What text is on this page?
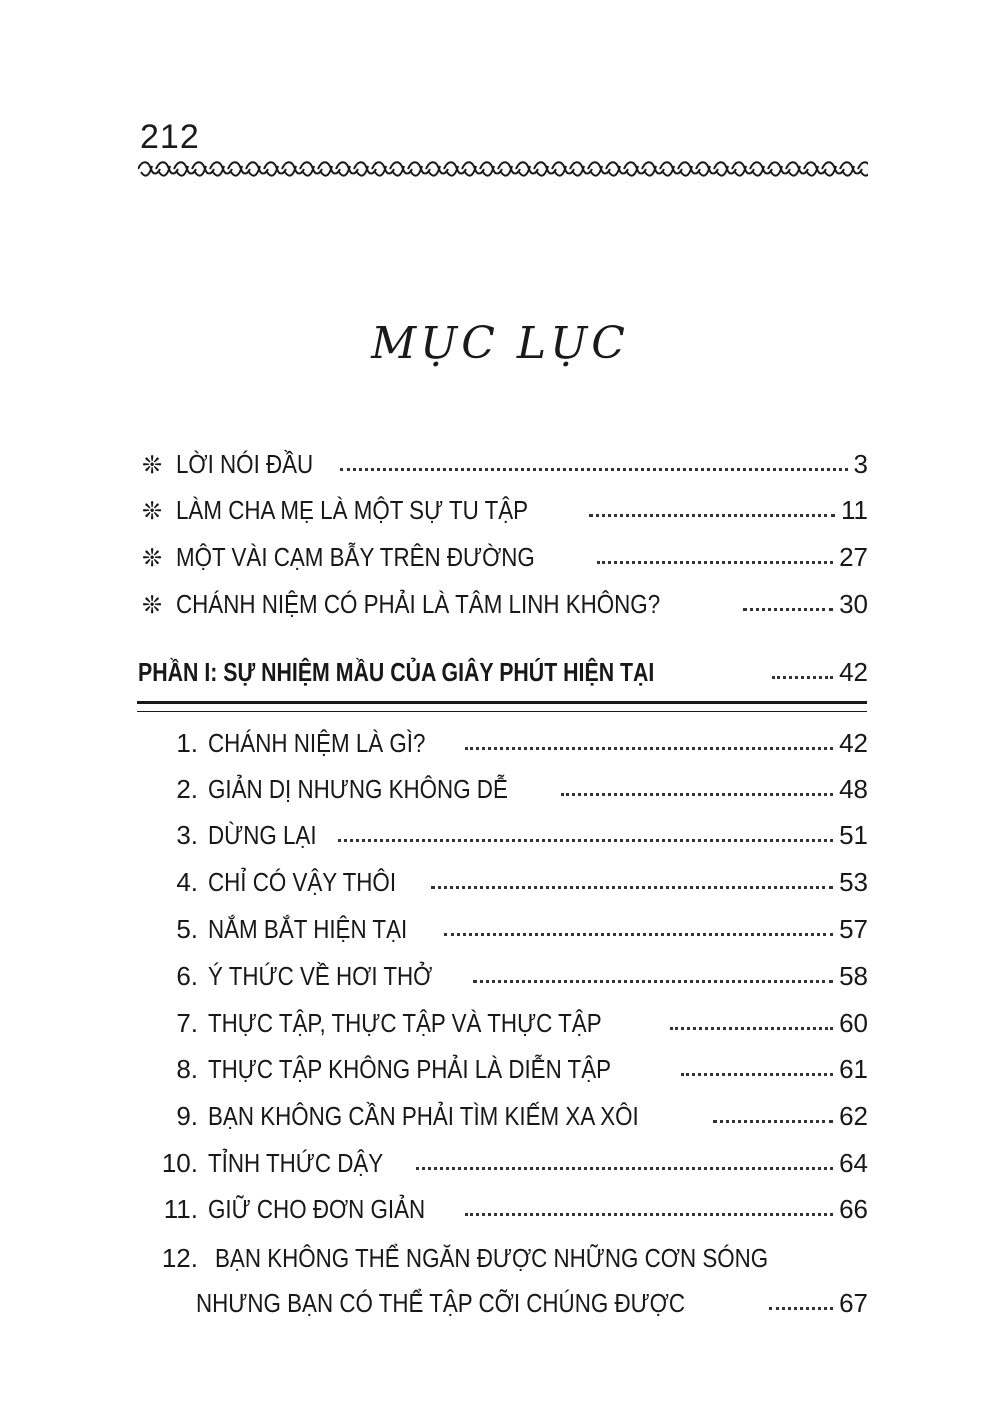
212
MỤC LỤC
❊ LỜI NÓI ĐẦU	3
❊ LÀM CHA MẸ LÀ MỘT SỰ TU TẬP	11
❊ MỘT VÀI CẠM BẪY TRÊN ĐƯỜNG	27
❊ CHÁNH NIỆM CÓ PHẢI LÀ TÂM LINH KHÔNG?	30
PHẦN I: SỰ NHIỆM MẦU CỦA GIÂY PHÚT HIỆN TẠI	42
1. CHÁNH NIỆM LÀ GÌ?	42
2. GIẢN DỊ NHƯNG KHÔNG DỄ	48
3. DỪNG LẠI	51
4. CHỈ CÓ VẬY THÔI	53
5. NẮM BẮT HIỆN TẠI	57
6. Ý THỨC VỀ HƠI THỞ	58
7. THỰC TẬP, THỰC TẬP VÀ THỰC TẬP	60
8. THỰC TẬP KHÔNG PHẢI LÀ DIỄN TẬP	61
9. BẠN KHÔNG CẦN PHẢI TÌM KIẾM XA XÔI	62
10. TỈNH THỨC DẬY	64
11. GIỮ CHO ĐƠN GIẢN	66
12. BẠN KHÔNG THỂ NGĂN ĐƯỢC NHỮNG CƠN SÓNG
NHƯNG BẠN CÓ THỂ TẬP CỠI CHÚNG ĐƯỢC	67
